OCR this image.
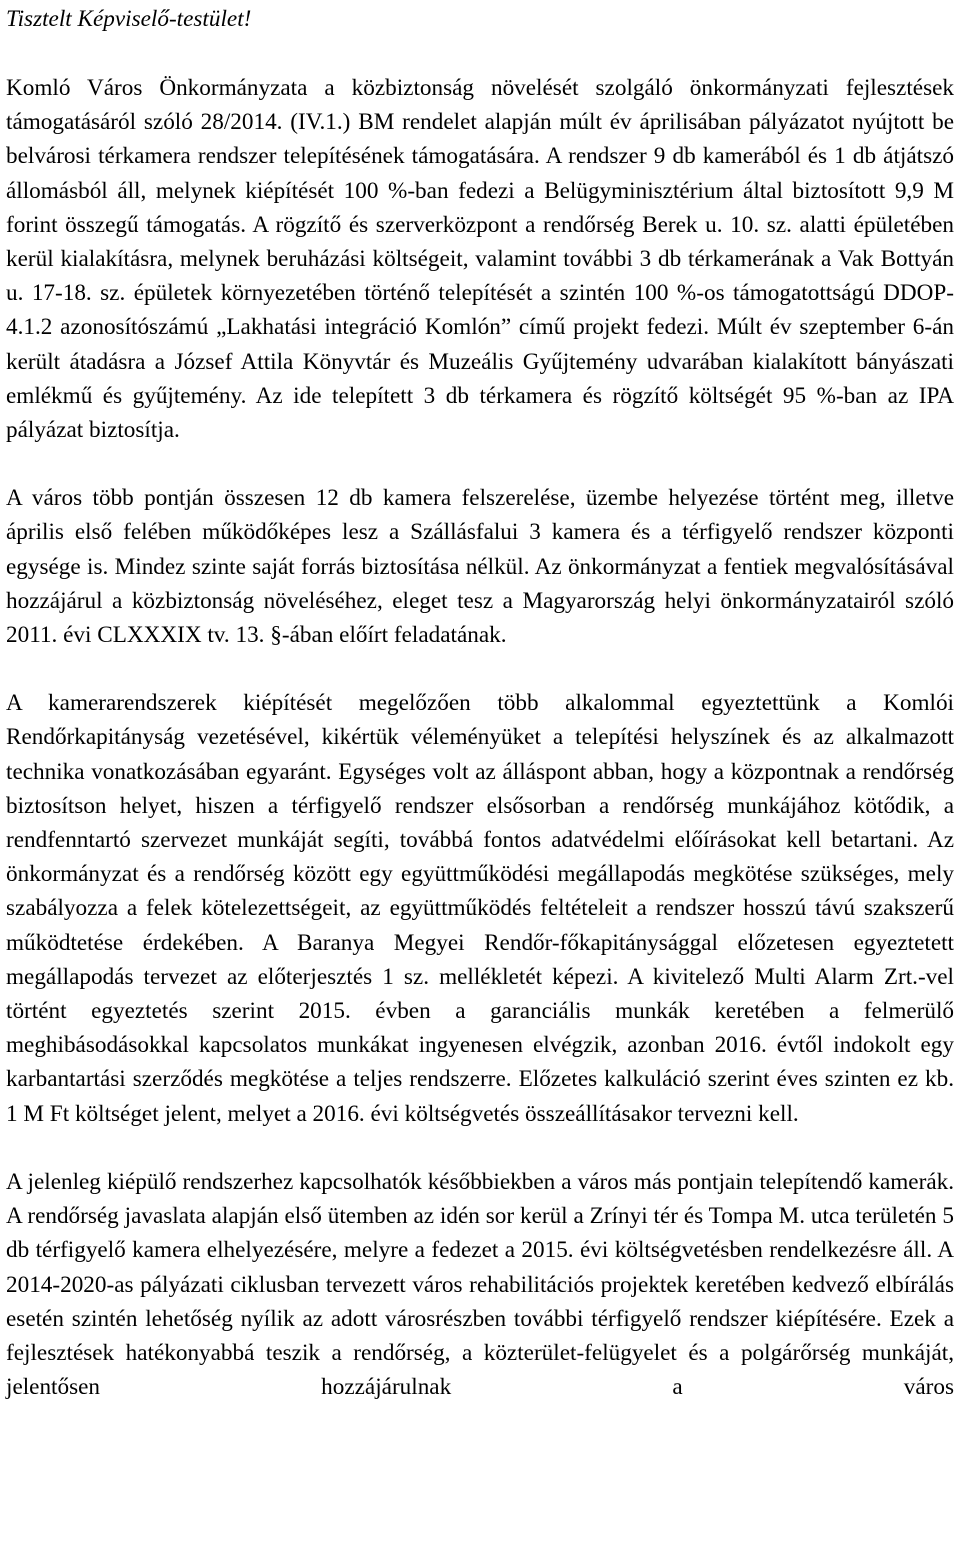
Tisztelt Képviselő-testület!

Komló Város Önkormányzata a közbiztonság növelését szolgáló önkormányzati fejlesztések támogatásáról szóló 28/2014. (IV.1.) BM rendelet alapján múlt év áprilisában pályázatot nyújtott be belvárosi térkamera rendszer telepítésének támogatására. A rendszer 9 db kamerából és 1 db átjátszó állomásból áll, melynek kiépítését 100 %-ban fedezi a Belügyminisztérium által biztosított 9,9 M forint összegű támogatás. A rögzítő és szerverközpont a rendőrség Berek u. 10. sz. alatti épületében kerül kialakításra, melynek beruházási költségeit, valamint további 3 db térkamerának a Vak Bottyán u. 17-18. sz. épületek környezetében történő telepítését a szintén 100 %-os támogatottságú DDOP-4.1.2 azonosítószámú „Lakhatási integráció Komlón” című projekt fedezi. Múlt év szeptember 6-án került átadásra a József Attila Könyvtár és Muzeális Gyűjtemény udvarában kialakított bányászati emlékmű és gyűjtemény. Az ide telepített 3 db térkamera és rögzítő költségét 95 %-ban az IPA pályázat biztosítja.

A város több pontján összesen 12 db kamera felszerelése, üzembe helyezése történt meg, illetve április első felében működőképes lesz a Szállásfalui 3 kamera és a térfigyelő rendszer központi egysége is. Mindez szinte saját forrás biztosítása nélkül. Az önkormányzat a fentiek megvalósításával hozzájárul a közbiztonság növeléséhez, eleget tesz a Magyarország helyi önkormányzatairól szóló 2011. évi CLXXXIX tv. 13. §-ában előírt feladatának.

A kamerarendszerek kiépítését megelőzően több alkalommal egyeztettünk a Komlói Rendőrkapitányság vezetésével, kikértük véleményüket a telepítési helyszínek és az alkalmazott technika vonatkozásában egyaránt. Egységes volt az álláspont abban, hogy a központnak a rendőrség biztosítson helyet, hiszen a térfigyelő rendszer elsősorban a rendőrség munkájához kötődik, a rendfenntartó szervezet munkáját segíti, továbbá fontos adatvédelmi előírásokat kell betartani. Az önkormányzat és a rendőrség között egy együttműködési megállapodás megkötése szükséges, mely szabályozza a felek kötelezettségeit, az együttműködés feltételeit a rendszer hosszú távú szakszerű működtetése érdekében. A Baranya Megyei Rendőr-főkapitánysággal előzetesen egyeztetett megállapodás tervezet az előterjesztés 1 sz. mellékletét képezi. A kivitelező Multi Alarm Zrt.-vel történt egyeztetés szerint 2015. évben a garanciális munkák keretében a felmerülő meghibásodásokkal kapcsolatos munkákat ingyenesen elvégzik, azonban 2016. évtől indokolt egy karbantartási szerződés megkötése a teljes rendszerre. Előzetes kalkuláció szerint éves szinten ez kb. 1 M Ft költséget jelent, melyet a 2016. évi költségvetés összeállításakor tervezni kell.

A jelenleg kiépülő rendszerhez kapcsolhatók későbbiekben a város más pontjain telepítendő kamerák. A rendőrség javaslata alapján első ütemben az idén sor kerül a Zrínyi tér és Tompa M. utca területén 5 db térfigyelő kamera elhelyezésére, melyre a fedezet a 2015. évi költségvetésben rendelkezésre áll. A 2014-2020-as pályázati ciklusban tervezett város rehabilitációs projektek keretében kedvező elbírálás esetén szintén lehetőség nyílik az adott városrészben további térfigyelő rendszer kiépítésére. Ezek a fejlesztések hatékonyabbá teszik a rendőrség, a közterület-felügyelet és a polgárőrség munkáját, jelentősen hozzájárulnak a város
